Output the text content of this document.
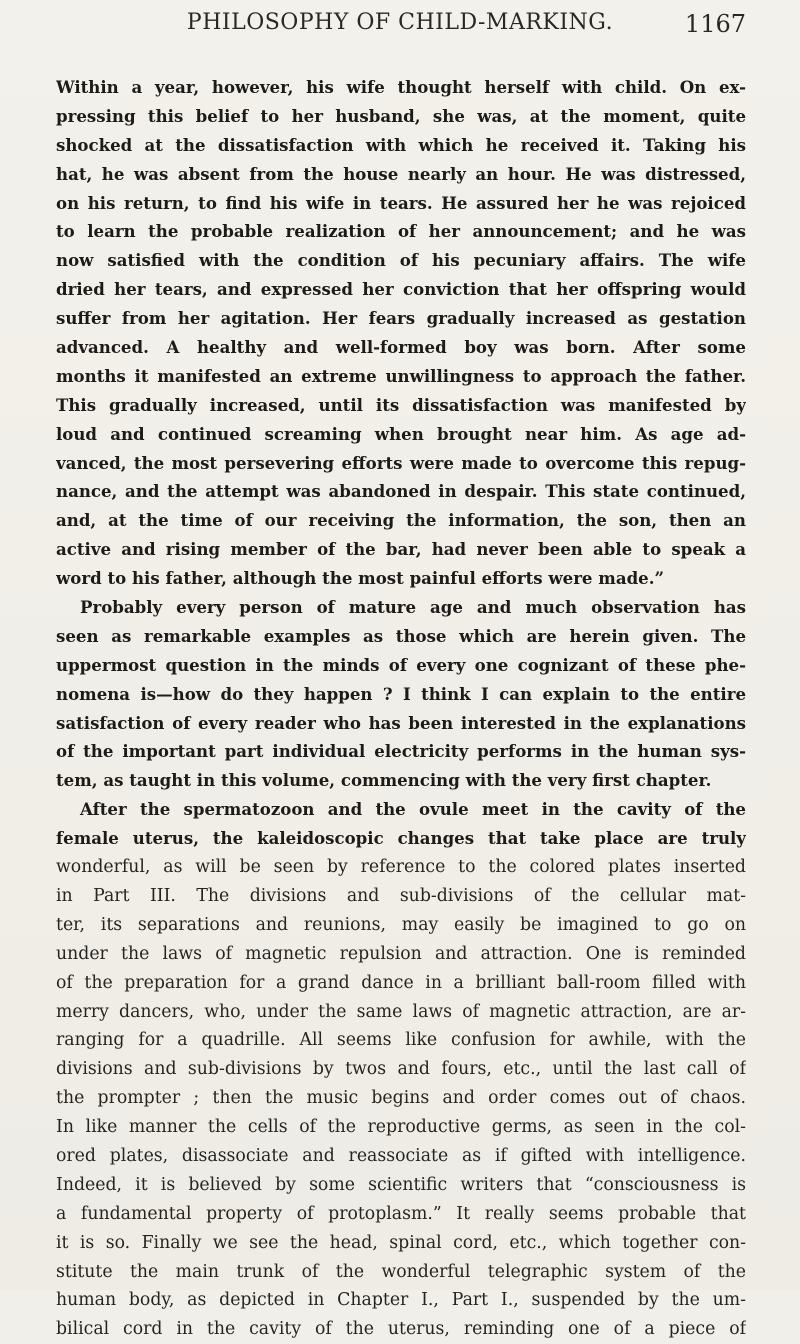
PHILOSOPHY OF CHILD-MARKING.	1167
Within a year, however, his wife thought herself with child. On ex-
pressing this belief to her husband, she was, at the moment, quite
shocked at the dissatisfaction with which he received it. Taking his
hat, he was absent from the house nearly an hour. He was distressed,
on his return, to find his wife in tears. He assured her he was rejoiced
to learn the probable realization of her announcement; and he was
now satisfied with the condition of his pecuniary affairs. The wife
dried her tears, and expressed her conviction that her offspring would
suffer from her agitation. Her fears gradually increased as gestation
advanced. A healthy and well-formed boy was born. After some
months it manifested an extreme unwillingness to approach the father.
This gradually increased, until its dissatisfaction was manifested by
loud and continued screaming when brought near him. As age ad-
vanced, the most persevering efforts were made to overcome this repug-
nance, and the attempt was abandoned in despair. This state continued,
and, at the time of our receiving the information, the son, then an
active and rising member of the bar, had never been able to speak a
word to his father, although the most painful efforts were made.”
Probably every person of mature age and much observation has
seen as remarkable examples as those which are herein given. The
uppermost question in the minds of every one cognizant of these phe-
nomena is—how do they happen ? I think I can explain to the entire
satisfaction of every reader who has been interested in the explanations
of the important part individual electricity performs in the human sys-
tem, as taught in this volume, commencing with the very first chapter.
After the spermatozoon and the ovule meet in the cavity of the
female uterus, the kaleidoscopic changes that take place are truly
wonderful, as will be seen by reference to the colored plates inserted
in Part III. The divisions and sub-divisions of the cellular mat-
ter, its separations and reunions, may easily be imagined to go on
under the laws of magnetic repulsion and attraction. One is reminded
of the preparation for a grand dance in a brilliant ball-room filled with
merry dancers, who, under the same laws of magnetic attraction, are ar-
ranging for a quadrille. All seems like confusion for awhile, with the
divisions and sub-divisions by twos and fours, etc., until the last call of
the prompter ; then the music begins and order comes out of chaos.
In like manner the cells of the reproductive germs, as seen in the col-
ored plates, disassociate and reassociate as if gifted with intelligence.
Indeed, it is believed by some scientific writers that “consciousness is
a fundamental property of protoplasm.” It really seems probable that
it is so. Finally we see the head, spinal cord, etc., which together con-
stitute the main trunk of the wonderful telegraphic system of the
human body, as depicted in Chapter I., Part I., suspended by the um-
bilical cord in the cavity of the uterus, reminding one of a piece of
